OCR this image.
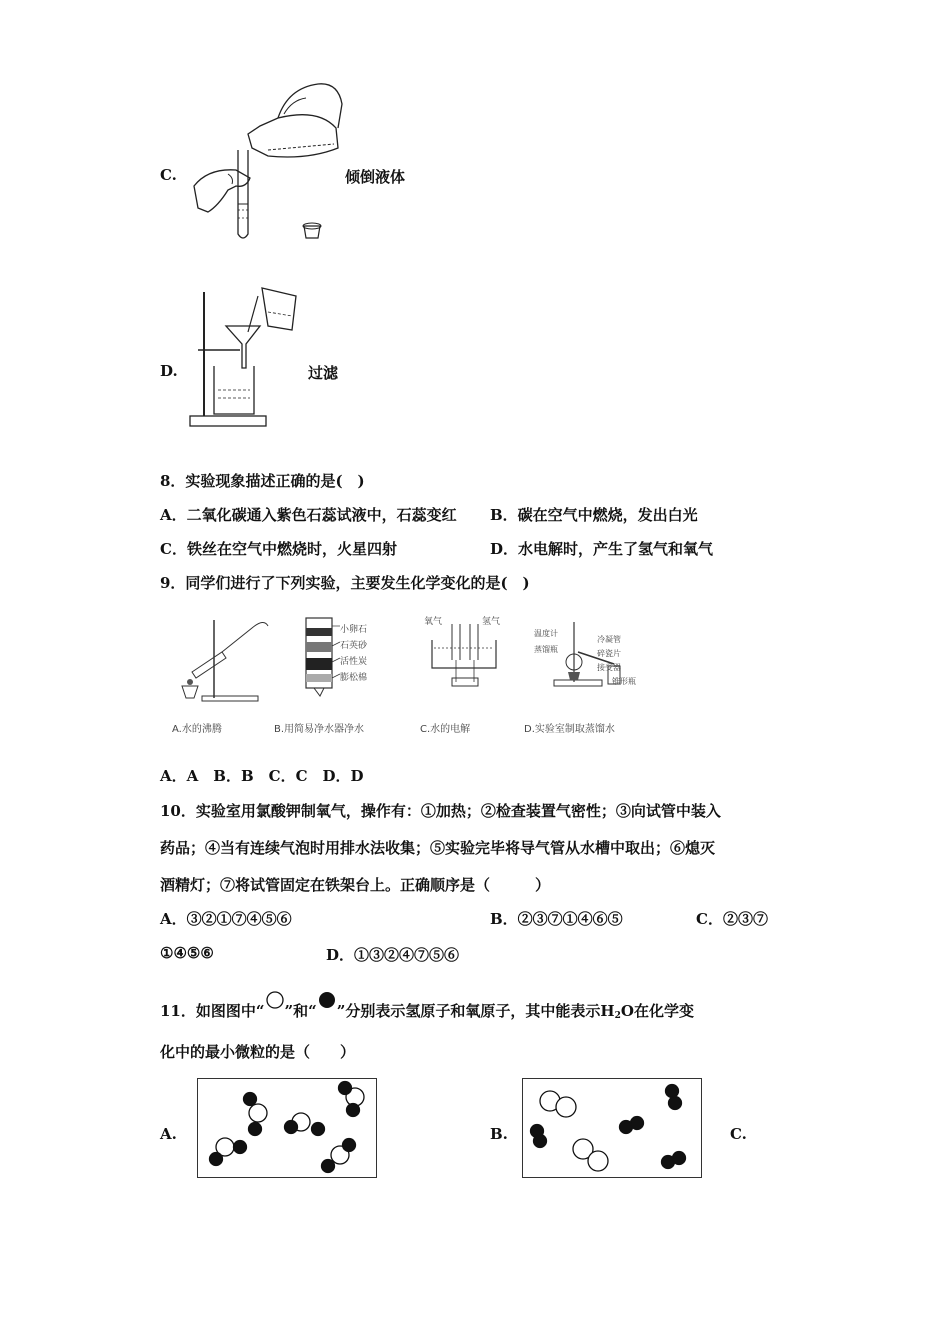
C.	倾倒液体
D.	过滤
8．实验现象描述正确的是(　)
A．二氧化碳通入紫色石蕊试液中，石蕊变红 B．碳在空气中燃烧，发出白光
C．铁丝在空气中燃烧时，火星四射	D．水电解时，产生了氢气和氧气
9．同学们进行了下列实验，主要发生化学变化的是(　)
小卵石
石英砂
活性炭
膨松棉
氧气	氢气
温度计
蒸馏瓶
冷凝管
碎瓷片
接受器
锥形瓶
A.水的沸腾	B.用简易净水器净水	C.水的电解	D.实验室制取蒸馏水
A．A　B．B　C．C　D．D
10．实验室用氯酸钾制氧气，操作有：①加热；②检查装置气密性；③向试管中装入
药品；④当有连续气泡时用排水法收集；⑤实验完毕将导气管从水槽中取出；⑥熄灭
酒精灯；⑦将试管固定在铁架台上。正确顺序是（　　　）
A．③②①⑦④⑤⑥	B．②③⑦①④⑥⑤	C．②③⑦
①④⑤⑥	D．①③②④⑦⑤⑥
11．如图图中“ ”和“ ”分别表示氢原子和氧原子，其中能表示$H_2O$在化学变
化中的最小微粒的是（　　）
A.	B.	C.
